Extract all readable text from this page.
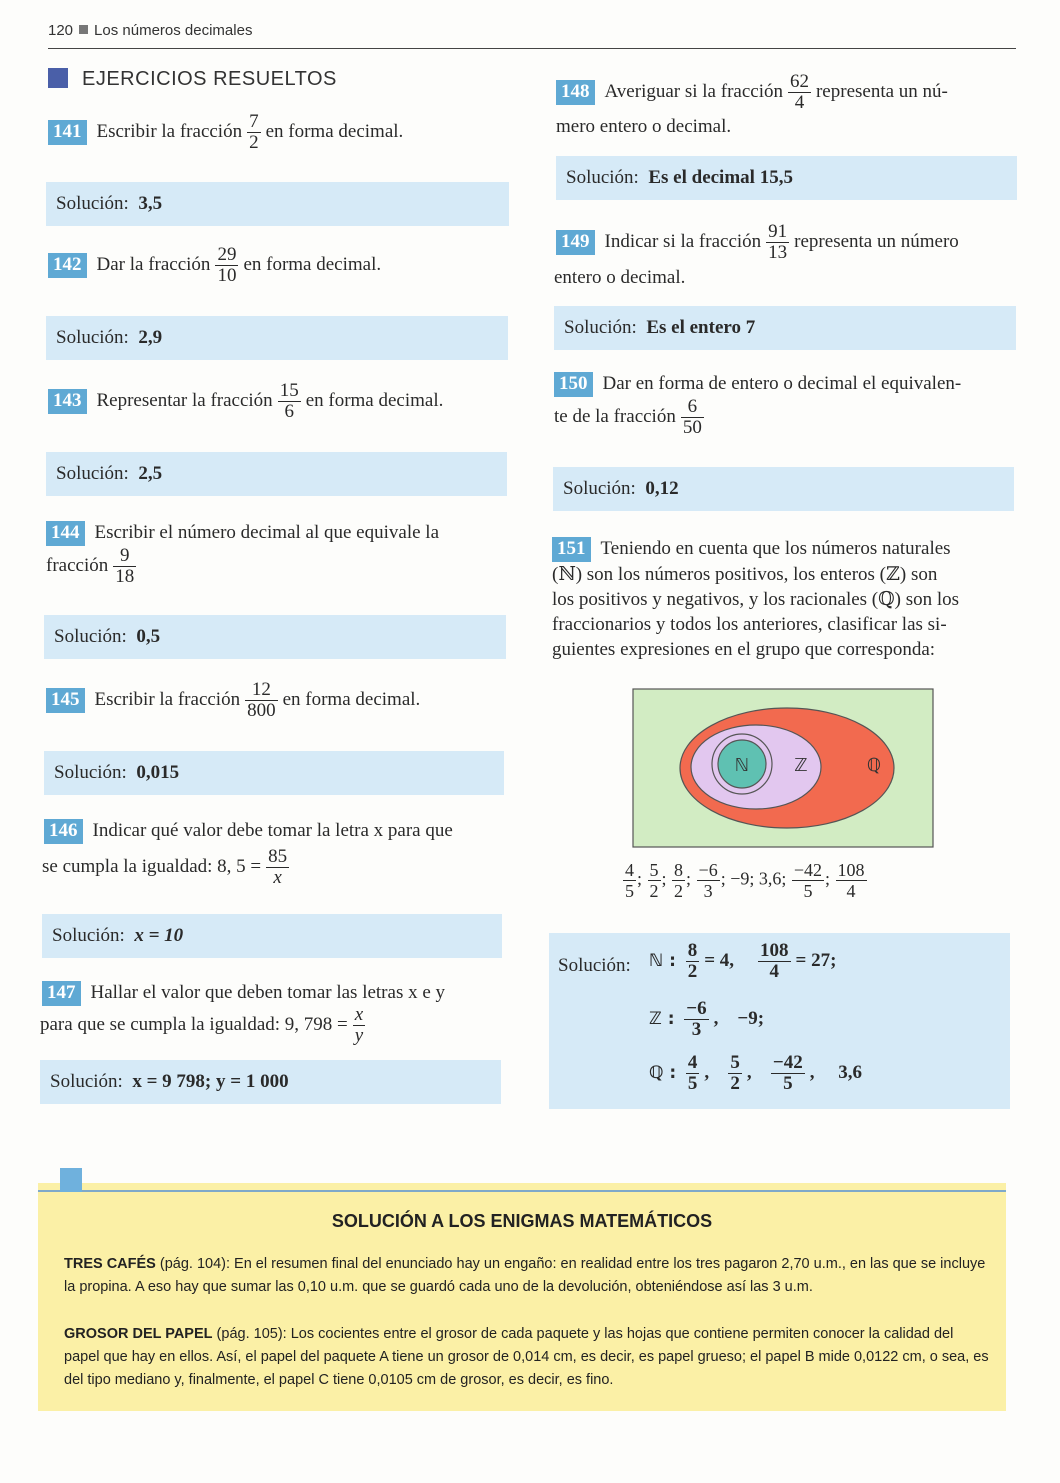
120 Los números decimales
EJERCICIOS RESUELTOS
141 Escribir la fracción $\frac{7}{2}$ en forma decimal.
Solución: 3,5
142 Dar la fracción $\frac{29}{10}$ en forma decimal.
Solución: 2,9
143 Representar la fracción $\frac{15}{6}$ en forma decimal.
Solución: 2,5
144 Escribir el número decimal al que equivale la
fracción $\frac{9}{18}$
Solución: 0,5
145 Escribir la fracción $\frac{12}{800}$ en forma decimal.
Solución: 0,015
146 Indicar qué valor debe tomar la letra x para que
se cumpla la igualdad: 8, $5 = \frac{85}{x}$
Solución: x = 10
147 Hallar el valor que deben tomar las letras x e y
para que se cumpla la igualdad: 9, $798 = \frac{x}{y}$
Solución: x = 9 798; y = 1 000
148 Averiguar si la fracción $\frac{62}{4}$ representa un nú-
mero entero o decimal.
Solución: Es el decimal 15,5
149 Indicar si la fracción $\frac{91}{13}$ representa un número
entero o decimal.
Solución: Es el entero 7
150 Dar en forma de entero o decimal el equivalen-
te de la fracción $\frac{6}{50}$
Solución: 0,12
151 Teniendo en cuenta que los números naturales
(ℕ) son los números positivos, los enteros (ℤ) son
los positivos y negativos, y los racionales (ℚ) son los
fraccionarios y todos los anteriores, clasificar las si-
guientes expresiones en el grupo que corresponda:
ℕ	ℤ	ℚ
$\frac{4}{5}$ ; $\frac{5}{2}$ ; $\frac{8}{2}$ ; $\frac{-6}{3}$ ; −9; 3,6; $\frac{-42}{5}$ ; $\frac{108}{4}$
Solución: ℕ : $\frac{8}{2} = 4$, $\frac{108}{4} = 27$;
ℤ : $\frac{-6}{3}$ ,    −9;
ℚ : $\frac{4}{5}$ , $\frac{5}{2}$ , $\frac{-42}{5}$ ,     3,6
SOLUCIÓN A LOS ENIGMAS MATEMÁTICOS
TRES CAFÉS (pág. 104): En el resumen final del enunciado hay un engaño: en realidad entre los tres pagaron 2,70 u.m., en las que se incluye la propina. A eso hay que sumar las 0,10 u.m. que se guardó cada uno de la devolución, obteniéndose así las 3 u.m.
GROSOR DEL PAPEL (pág. 105): Los cocientes entre el grosor de cada paquete y las hojas que contiene permiten conocer la calidad del papel que hay en ellos. Así, el papel del paquete A tiene un grosor de 0,014 cm, es decir, es papel grueso; el papel B mide 0,0122 cm, o sea, es del tipo mediano y, finalmente, el papel C tiene 0,0105 cm de grosor, es decir, es fino.
